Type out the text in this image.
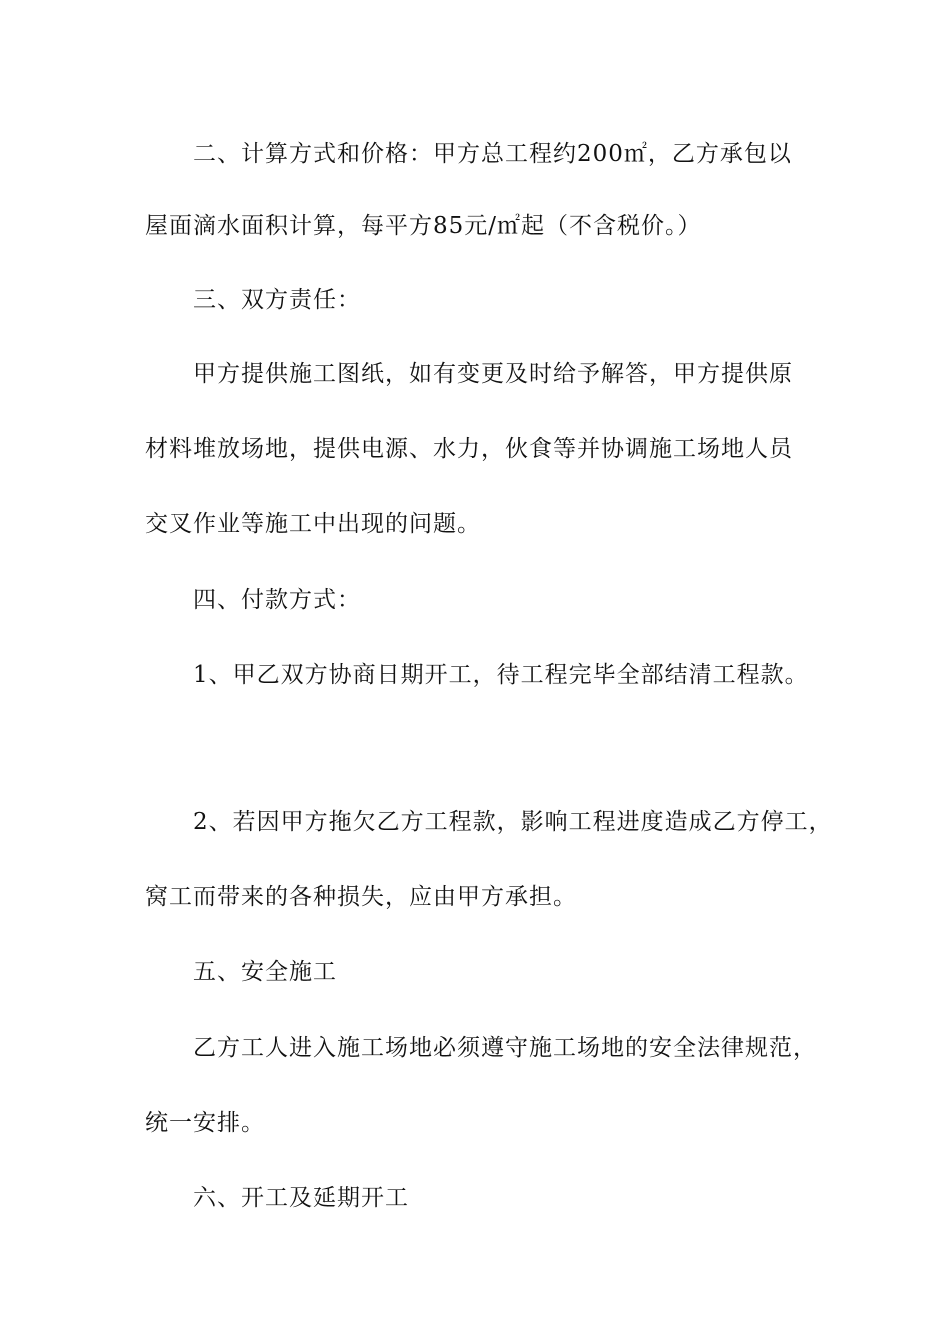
二、计算方式和价格：甲方总工程约200㎡，乙方承包以
屋面滴水面积计算，每平方85元/㎡起（不含税价。）
三、双方责任：
甲方提供施工图纸，如有变更及时给予解答，甲方提供原
材料堆放场地，提供电源、水力，伙食等并协调施工场地人员
交叉作业等施工中出现的问题。
四、付款方式：
1、甲乙双方协商日期开工，待工程完毕全部结清工程款。
2、若因甲方拖欠乙方工程款，影响工程进度造成乙方停工，
窝工而带来的各种损失，应由甲方承担。
五、安全施工
乙方工人进入施工场地必须遵守施工场地的安全法律规范，
统一安排。
六、开工及延期开工
